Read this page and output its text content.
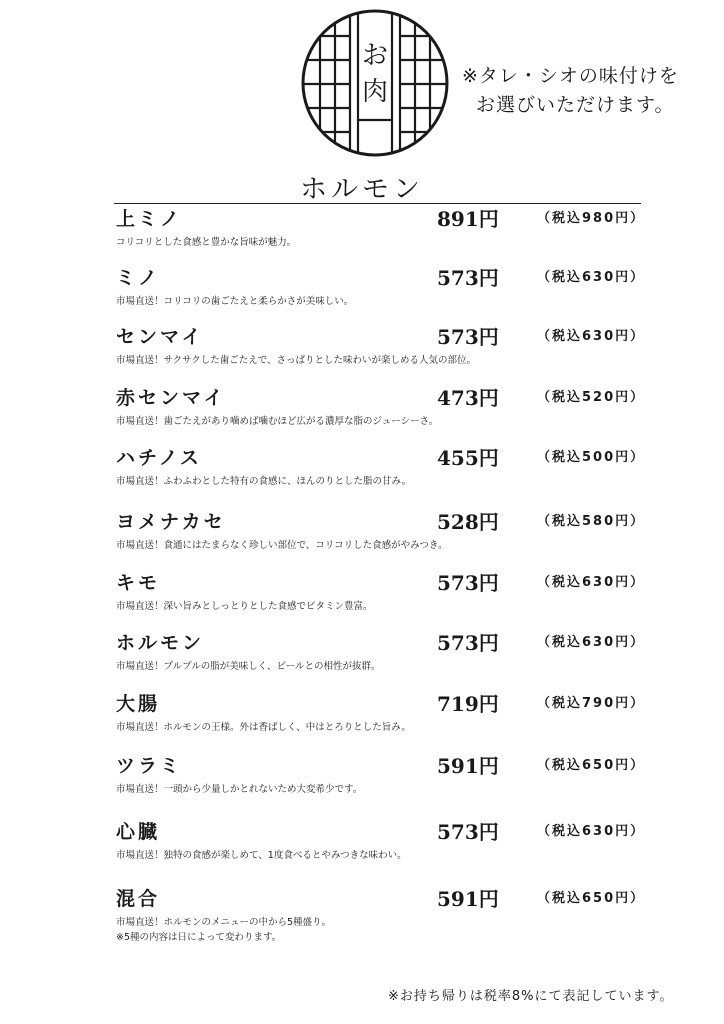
お
肉
※タレ・シオの味付けを
お選びいただけます。
ホルモン
上ミノ	891円	（税込980円）
コリコリとした食感と豊かな旨味が魅力。
ミノ	573円	（税込630円）
市場直送！コリコリの歯ごたえと柔らかさが美味しい。
センマイ	573円	（税込630円）
市場直送！サクサクした歯ごたえで、さっぱりとした味わいが楽しめる人気の部位。
赤センマイ	473円	（税込520円）
市場直送！歯ごたえがあり噛めば噛むほど広がる濃厚な脂のジューシーさ。
ハチノス	455円	（税込500円）
市場直送！ふわふわとした特有の食感に、ほんのりとした脂の甘み。
ヨメナカセ	528円	（税込580円）
市場直送！食通にはたまらなく珍しい部位で、コリコリした食感がやみつき。
キモ	573円	（税込630円）
市場直送！深い旨みとしっとりとした食感でビタミン豊富。
ホルモン	573円	（税込630円）
市場直送！プルプルの脂が美味しく、ビールとの相性が抜群。
大腸	719円	（税込790円）
市場直送！ホルモンの王様。外は香ばしく、中はとろりとした旨み。
ツラミ	591円	（税込650円）
市場直送！一頭から少量しかとれないため大変希少です。
心臓	573円	（税込630円）
市場直送！独特の食感が楽しめて、1度食べるとやみつきな味わい。
混合	591円	（税込650円）
市場直送！ホルモンのメニューの中から5種盛り。
※5種の内容は日によって変わります。
※お持ち帰りは税率8%にて表記しています。
